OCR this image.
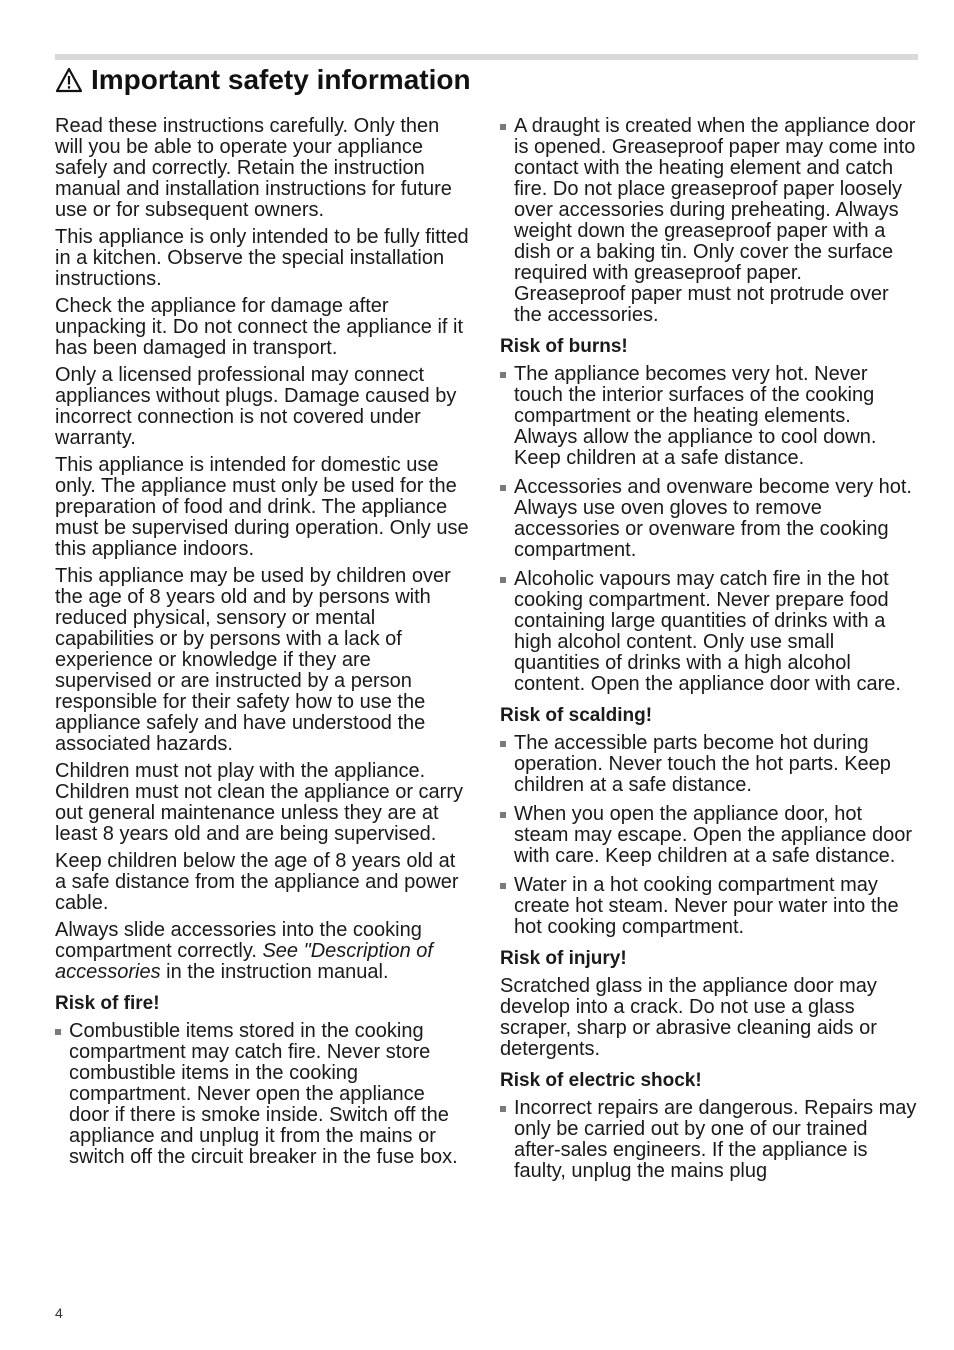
Important safety information

Read these instructions carefully. Only then will you be able to operate your appliance safely and correctly. Retain the instruction manual and installation instructions for future use or for subsequent owners.

This appliance is only intended to be fully fitted in a kitchen. Observe the special installation instructions.

Check the appliance for damage after unpacking it. Do not connect the appliance if it has been damaged in transport.

Only a licensed professional may connect appliances without plugs. Damage caused by incorrect connection is not covered under warranty.

This appliance is intended for domestic use only. The appliance must only be used for the preparation of food and drink. The appliance must be supervised during operation. Only use this appliance indoors.

This appliance may be used by children over the age of 8 years old and by persons with reduced physical, sensory or mental capabilities or by persons with a lack of experience or knowledge if they are supervised or are instructed by a person responsible for their safety how to use the appliance safely and have understood the associated hazards.

Children must not play with the appliance. Children must not clean the appliance or carry out general maintenance unless they are at least 8 years old and are being supervised.

Keep children below the age of 8 years old at a safe distance from the appliance and power cable.

Always slide accessories into the cooking compartment correctly. See "Description of accessories in the instruction manual.

Risk of fire!
Combustible items stored in the cooking compartment may catch fire. Never store combustible items in the cooking compartment. Never open the appliance door if there is smoke inside. Switch off the appliance and unplug it from the mains or switch off the circuit breaker in the fuse box.
A draught is created when the appliance door is opened. Greaseproof paper may come into contact with the heating element and catch fire. Do not place greaseproof paper loosely over accessories during preheating. Always weight down the greaseproof paper with a dish or a baking tin. Only cover the surface required with greaseproof paper. Greaseproof paper must not protrude over the accessories.
Risk of burns!
The appliance becomes very hot. Never touch the interior surfaces of the cooking compartment or the heating elements. Always allow the appliance to cool down. Keep children at a safe distance.
Accessories and ovenware become very hot. Always use oven gloves to remove accessories or ovenware from the cooking compartment.
Alcoholic vapours may catch fire in the hot cooking compartment. Never prepare food containing large quantities of drinks with a high alcohol content. Only use small quantities of drinks with a high alcohol content. Open the appliance door with care.
Risk of scalding!
The accessible parts become hot during operation. Never touch the hot parts. Keep children at a safe distance.
When you open the appliance door, hot steam may escape. Open the appliance door with care. Keep children at a safe distance.
Water in a hot cooking compartment may create hot steam. Never pour water into the hot cooking compartment.
Risk of injury!

Scratched glass in the appliance door may develop into a crack. Do not use a glass scraper, sharp or abrasive cleaning aids or detergents.

Risk of electric shock!
Incorrect repairs are dangerous. Repairs may only be carried out by one of our trained after-sales engineers. If the appliance is faulty, unplug the mains plug
4
